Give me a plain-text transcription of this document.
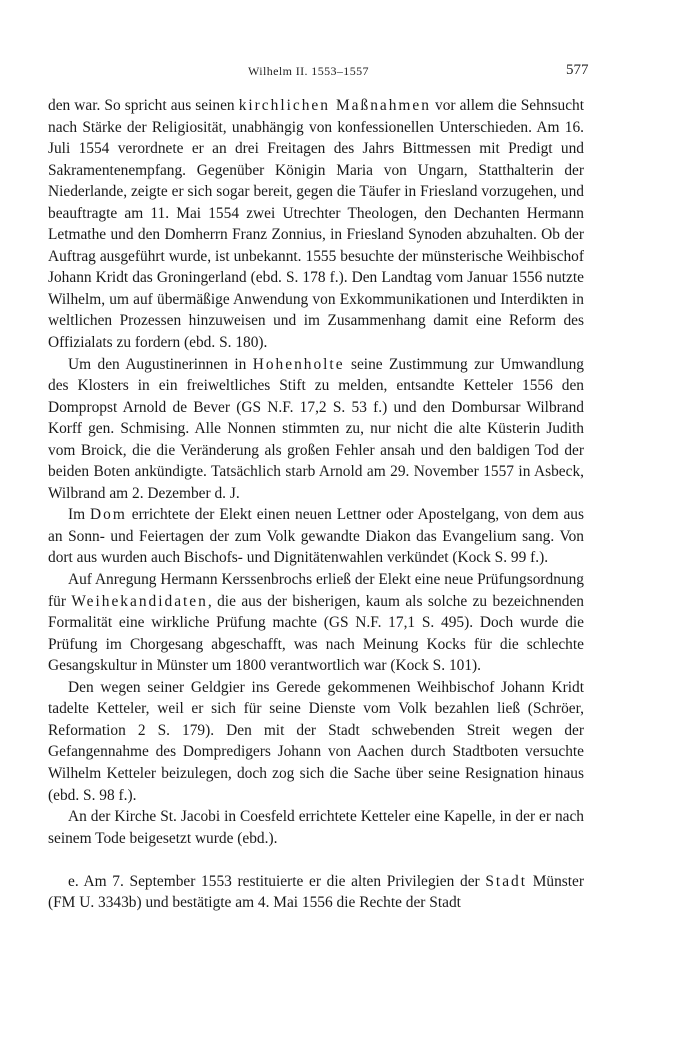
Wilhelm II. 1553–1557	577

den war. So spricht aus seinen kirchlichen Maßnahmen vor allem die Sehnsucht nach Stärke der Religiosität, unabhängig von konfessionellen Unterschieden. Am 16. Juli 1554 verordnete er an drei Freitagen des Jahrs Bittmessen mit Predigt und Sakramentenempfang. Gegenüber Königin Maria von Ungarn, Statthalterin der Niederlande, zeigte er sich sogar bereit, gegen die Täufer in Friesland vorzugehen, und beauftragte am 11. Mai 1554 zwei Utrechter Theologen, den Dechanten Hermann Letmathe und den Domherrn Franz Zonnius, in Friesland Synoden abzuhalten. Ob der Auftrag ausgeführt wurde, ist unbekannt. 1555 besuchte der münsterische Weihbischof Johann Kridt das Groningerland (ebd. S. 178 f.). Den Landtag vom Januar 1556 nutzte Wilhelm, um auf übermäßige Anwendung von Exkommunikationen und Interdikten in weltlichen Prozessen hinzuweisen und im Zusammenhang damit eine Reform des Offizialats zu fordern (ebd. S. 180).

Um den Augustinerinnen in Hohenholte seine Zustimmung zur Umwandlung des Klosters in ein freiweltliches Stift zu melden, entsandte Ketteler 1556 den Dompropst Arnold de Bever (GS N.F. 17,2 S. 53 f.) und den Dombursar Wilbrand Korff gen. Schmising. Alle Nonnen stimmten zu, nur nicht die alte Küsterin Judith vom Broick, die die Veränderung als großen Fehler ansah und den baldigen Tod der beiden Boten ankündigte. Tatsächlich starb Arnold am 29. November 1557 in Asbeck, Wilbrand am 2. Dezember d. J.

Im Dom errichtete der Elekt einen neuen Lettner oder Apostelgang, von dem aus an Sonn- und Feiertagen der zum Volk gewandte Diakon das Evangelium sang. Von dort aus wurden auch Bischofs- und Dignitätenwahlen verkündet (Kock S. 99 f.).

Auf Anregung Hermann Kerssenbrochs erließ der Elekt eine neue Prüfungsordnung für Weihekandidaten, die aus der bisherigen, kaum als solche zu bezeichnenden Formalität eine wirkliche Prüfung machte (GS N.F. 17,1 S. 495). Doch wurde die Prüfung im Chorgesang abgeschafft, was nach Meinung Kocks für die schlechte Gesangskultur in Münster um 1800 verantwortlich war (Kock S. 101).

Den wegen seiner Geldgier ins Gerede gekommenen Weihbischof Johann Kridt tadelte Ketteler, weil er sich für seine Dienste vom Volk bezahlen ließ (Schröer, Reformation 2 S. 179). Den mit der Stadt schwebenden Streit wegen der Gefangennahme des Dompredigers Johann von Aachen durch Stadtboten versuchte Wilhelm Ketteler beizulegen, doch zog sich die Sache über seine Resignation hinaus (ebd. S. 98 f.).

An der Kirche St. Jacobi in Coesfeld errichtete Ketteler eine Kapelle, in der er nach seinem Tode beigesetzt wurde (ebd.).

e. Am 7. September 1553 restituierte er die alten Privilegien der Stadt Münster (FM U. 3343b) und bestätigte am 4. Mai 1556 die Rechte der Stadt
